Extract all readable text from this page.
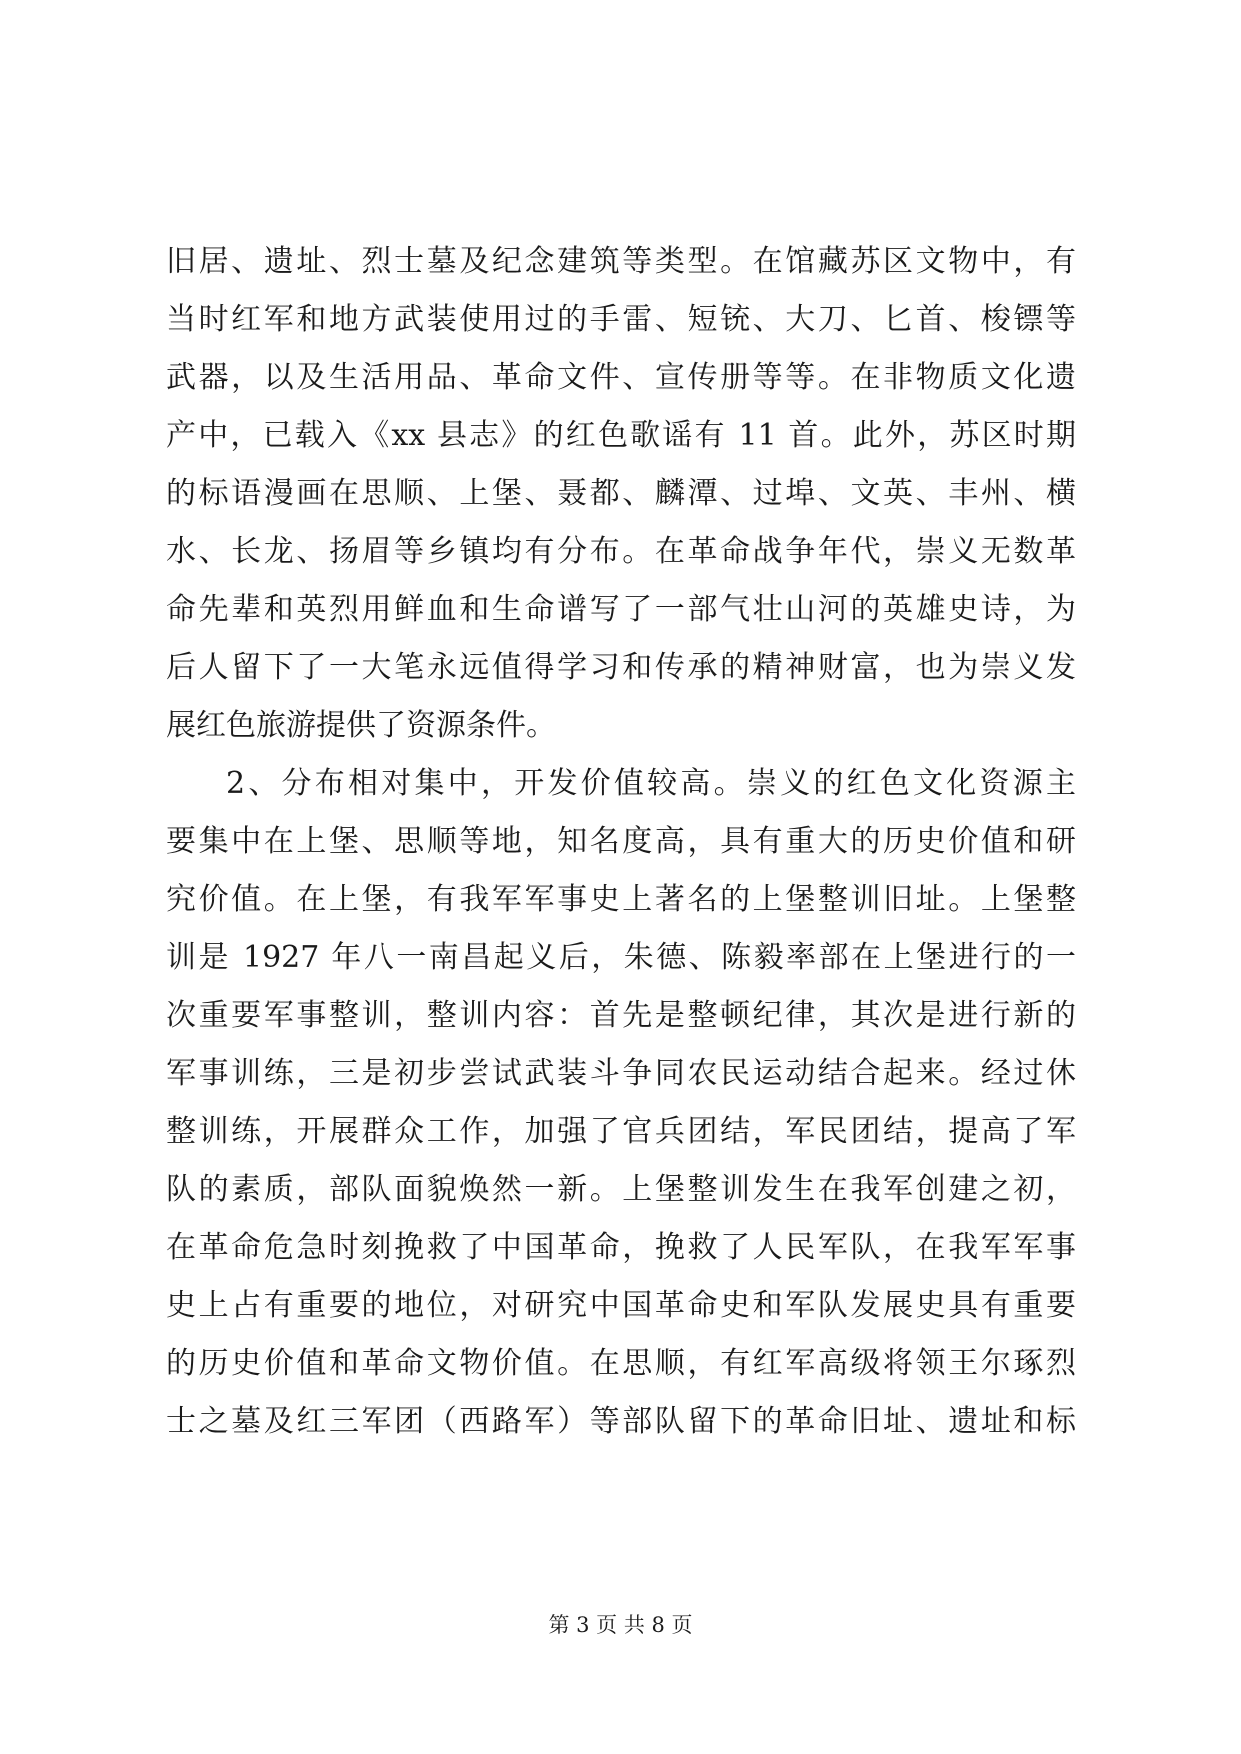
旧居、遗址、烈士墓及纪念建筑等类型。在馆藏苏区文物中，有
当时红军和地方武装使用过的手雷、短铳、大刀、匕首、梭镖等
武器，以及生活用品、革命文件、宣传册等等。在非物质文化遗
产中，已载入《xx 县志》的红色歌谣有 11 首。此外，苏区时期
的标语漫画在思顺、上堡、聂都、麟潭、过埠、文英、丰州、横
水、长龙、扬眉等乡镇均有分布。在革命战争年代，崇义无数革
命先辈和英烈用鲜血和生命谱写了一部气壮山河的英雄史诗，为
后人留下了一大笔永远值得学习和传承的精神财富，也为崇义发
展红色旅游提供了资源条件。
2、分布相对集中，开发价值较高。崇义的红色文化资源主
要集中在上堡、思顺等地，知名度高，具有重大的历史价值和研
究价值。在上堡，有我军军事史上著名的上堡整训旧址。上堡整
训是 1927 年八一南昌起义后，朱德、陈毅率部在上堡进行的一
次重要军事整训，整训内容：首先是整顿纪律，其次是进行新的
军事训练，三是初步尝试武装斗争同农民运动结合起来。经过休
整训练，开展群众工作，加强了官兵团结，军民团结，提高了军
队的素质，部队面貌焕然一新。上堡整训发生在我军创建之初，
在革命危急时刻挽救了中国革命，挽救了人民军队，在我军军事
史上占有重要的地位，对研究中国革命史和军队发展史具有重要
的历史价值和革命文物价值。在思顺，有红军高级将领王尔琢烈
士之墓及红三军团（西路军）等部队留下的革命旧址、遗址和标
第 3 页 共 8 页
